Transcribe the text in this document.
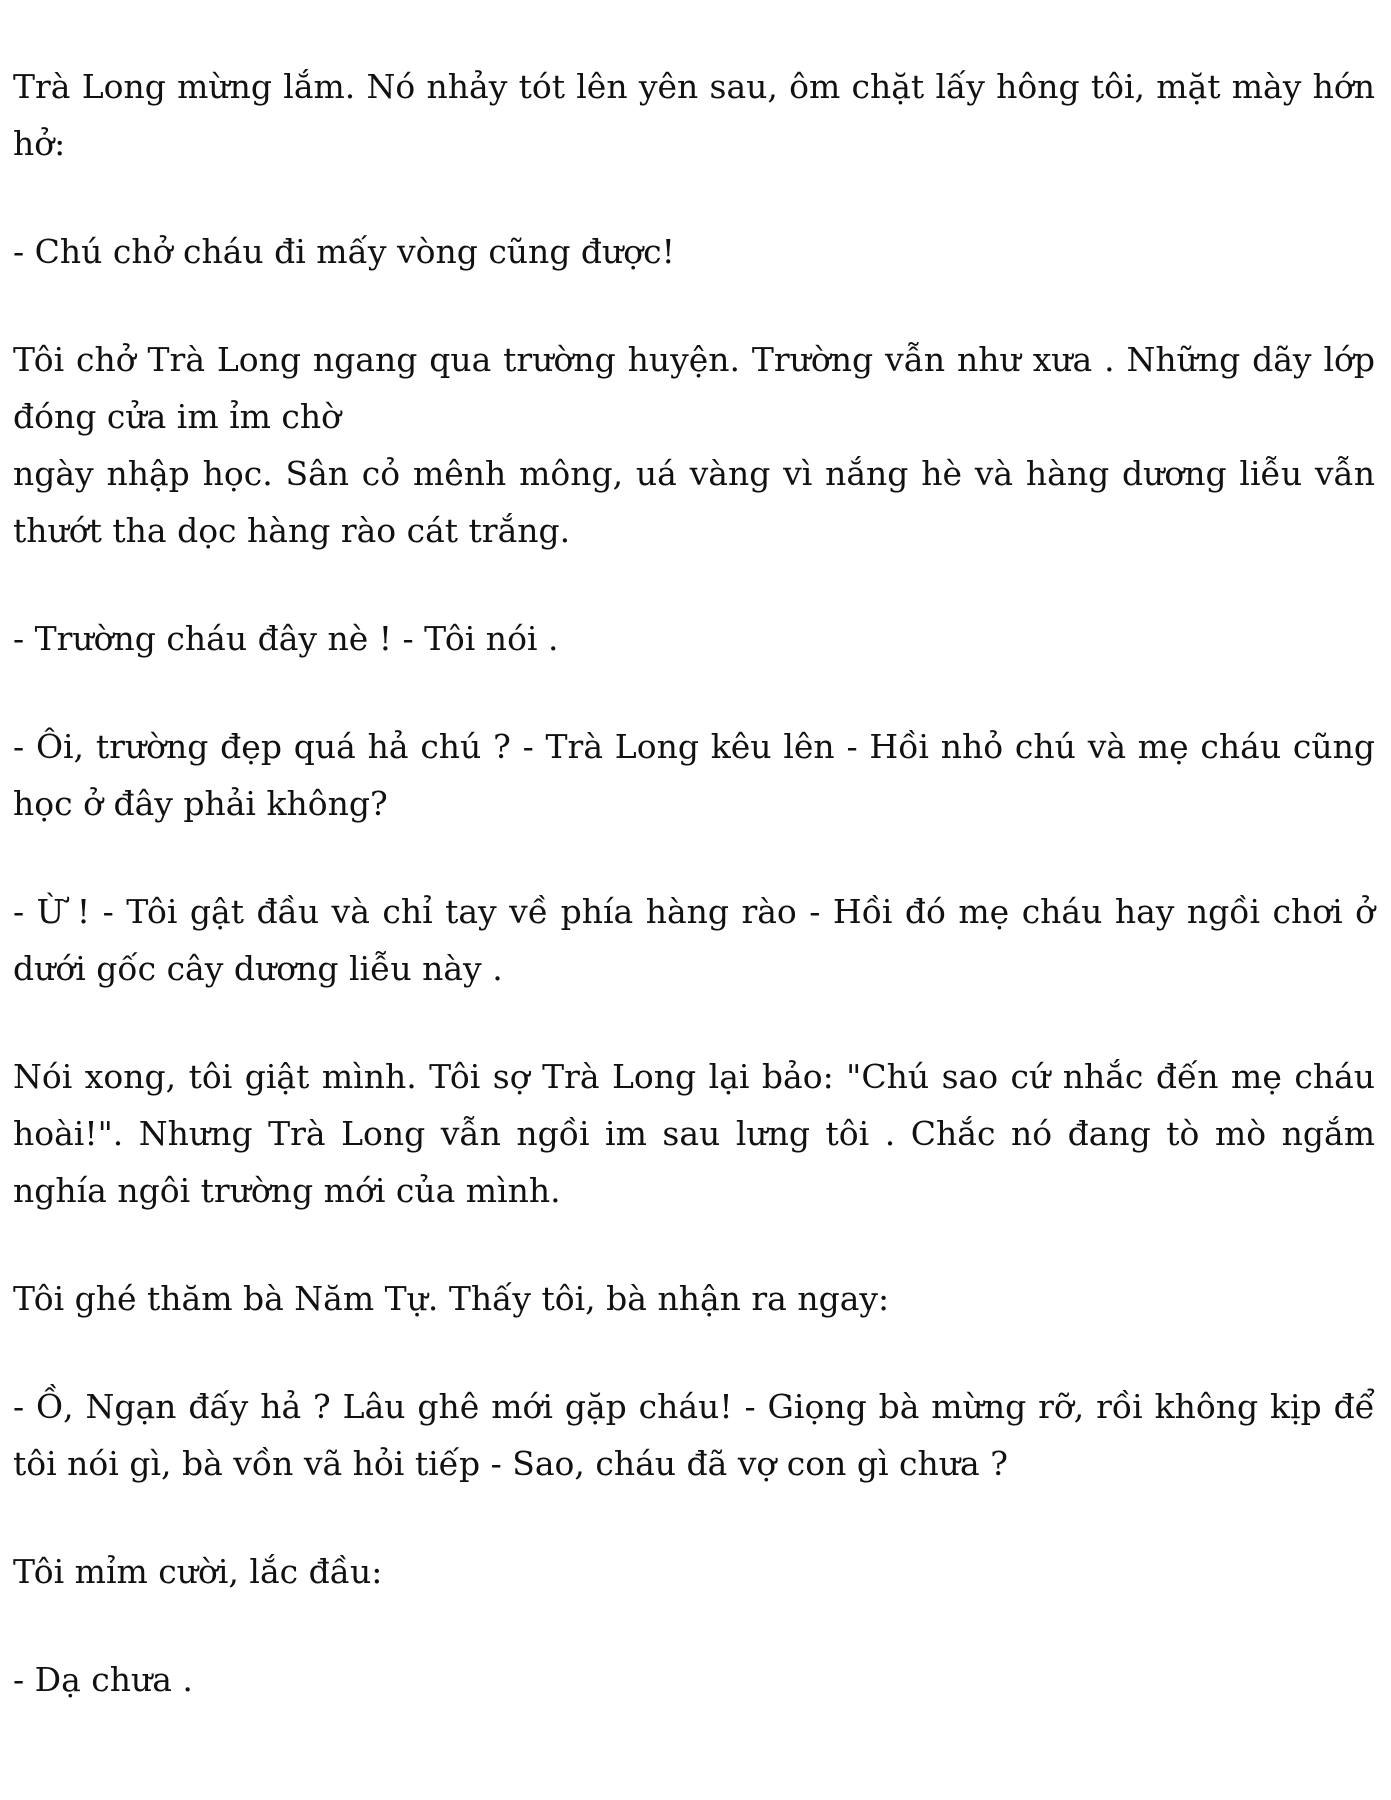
Trà Long mừng lắm. Nó nhảy tót lên yên sau, ôm chặt lấy hông tôi, mặt mày hớn hở:

- Chú chở cháu đi mấy vòng cũng được!

Tôi chở Trà Long ngang qua trường huyện. Trường vẫn như xưa . Những dãy lớp đóng cửa im ỉm chờ

ngày nhập học. Sân cỏ mênh mông, uá vàng vì nắng hè và hàng dương liễu vẫn thướt tha dọc hàng rào cát trắng.

- Trường cháu đây nè ! - Tôi nói .

- Ôi, trường đẹp quá hả chú ? - Trà Long kêu lên - Hồi nhỏ chú và mẹ cháu cũng học ở đây phải không?

- Ừ ! - Tôi gật đầu và chỉ tay về phía hàng rào - Hồi đó mẹ cháu hay ngồi chơi ở dưới gốc cây dương liễu này .

Nói xong, tôi giật mình. Tôi sợ Trà Long lại bảo: "Chú sao cứ nhắc đến mẹ cháu hoài!". Nhưng Trà Long vẫn ngồi im sau lưng tôi . Chắc nó đang tò mò ngắm nghía ngôi trường mới của mình.

Tôi ghé thăm bà Năm Tự. Thấy tôi, bà nhận ra ngay:

- Ồ, Ngạn đấy hả ? Lâu ghê mới gặp cháu! - Giọng bà mừng rỡ, rồi không kịp để tôi nói gì, bà vồn vã hỏi tiếp - Sao, cháu đã vợ con gì chưa ?

Tôi mỉm cười, lắc đầu:

- Dạ chưa .
